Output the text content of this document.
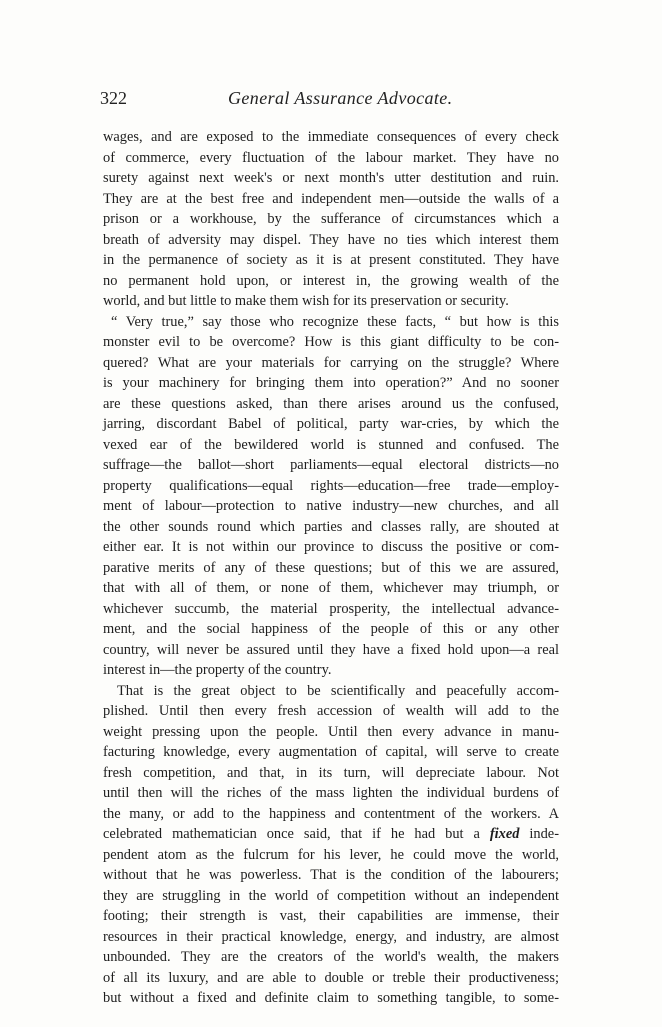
322	General Assurance Advocate.
wages, and are exposed to the immediate consequences of every check
of commerce, every fluctuation of the labour market. They have no
surety against next week's or next month's utter destitution and ruin.
They are at the best free and independent men—outside the walls of a
prison or a workhouse, by the sufferance of circumstances which a
breath of adversity may dispel. They have no ties which interest them
in the permanence of society as it is at present constituted. They have
no permanent hold upon, or interest in, the growing wealth of the
world, and but little to make them wish for its preservation or security.
“ Very true,” say those who recognize these facts, “ but how is this
monster evil to be overcome? How is this giant difficulty to be con-
quered? What are your materials for carrying on the struggle? Where
is your machinery for bringing them into operation?” And no sooner
are these questions asked, than there arises around us the confused,
jarring, discordant Babel of political, party war-cries, by which the
vexed ear of the bewildered world is stunned and confused. The
suffrage—the ballot—short parliaments—equal electoral districts—no
property qualifications—equal rights—education—free trade—employ-
ment of labour—protection to native industry—new churches, and all
the other sounds round which parties and classes rally, are shouted at
either ear. It is not within our province to discuss the positive or com-
parative merits of any of these questions; but of this we are assured,
that with all of them, or none of them, whichever may triumph, or
whichever succumb, the material prosperity, the intellectual advance-
ment, and the social happiness of the people of this or any other
country, will never be assured until they have a fixed hold upon—a real
interest in—the property of the country.
That is the great object to be scientifically and peacefully accom-
plished. Until then every fresh accession of wealth will add to the
weight pressing upon the people. Until then every advance in manu-
facturing knowledge, every augmentation of capital, will serve to create
fresh competition, and that, in its turn, will depreciate labour. Not
until then will the riches of the mass lighten the individual burdens of
the many, or add to the happiness and contentment of the workers. A
celebrated mathematician once said, that if he had but a fixed inde-
pendent atom as the fulcrum for his lever, he could move the world,
without that he was powerless. That is the condition of the labourers;
they are struggling in the world of competition without an independent
footing; their strength is vast, their capabilities are immense, their
resources in their practical knowledge, energy, and industry, are almost
unbounded. They are the creators of the world's wealth, the makers
of all its luxury, and are able to double or treble their productiveness;
but without a fixed and definite claim to something tangible, to some-
